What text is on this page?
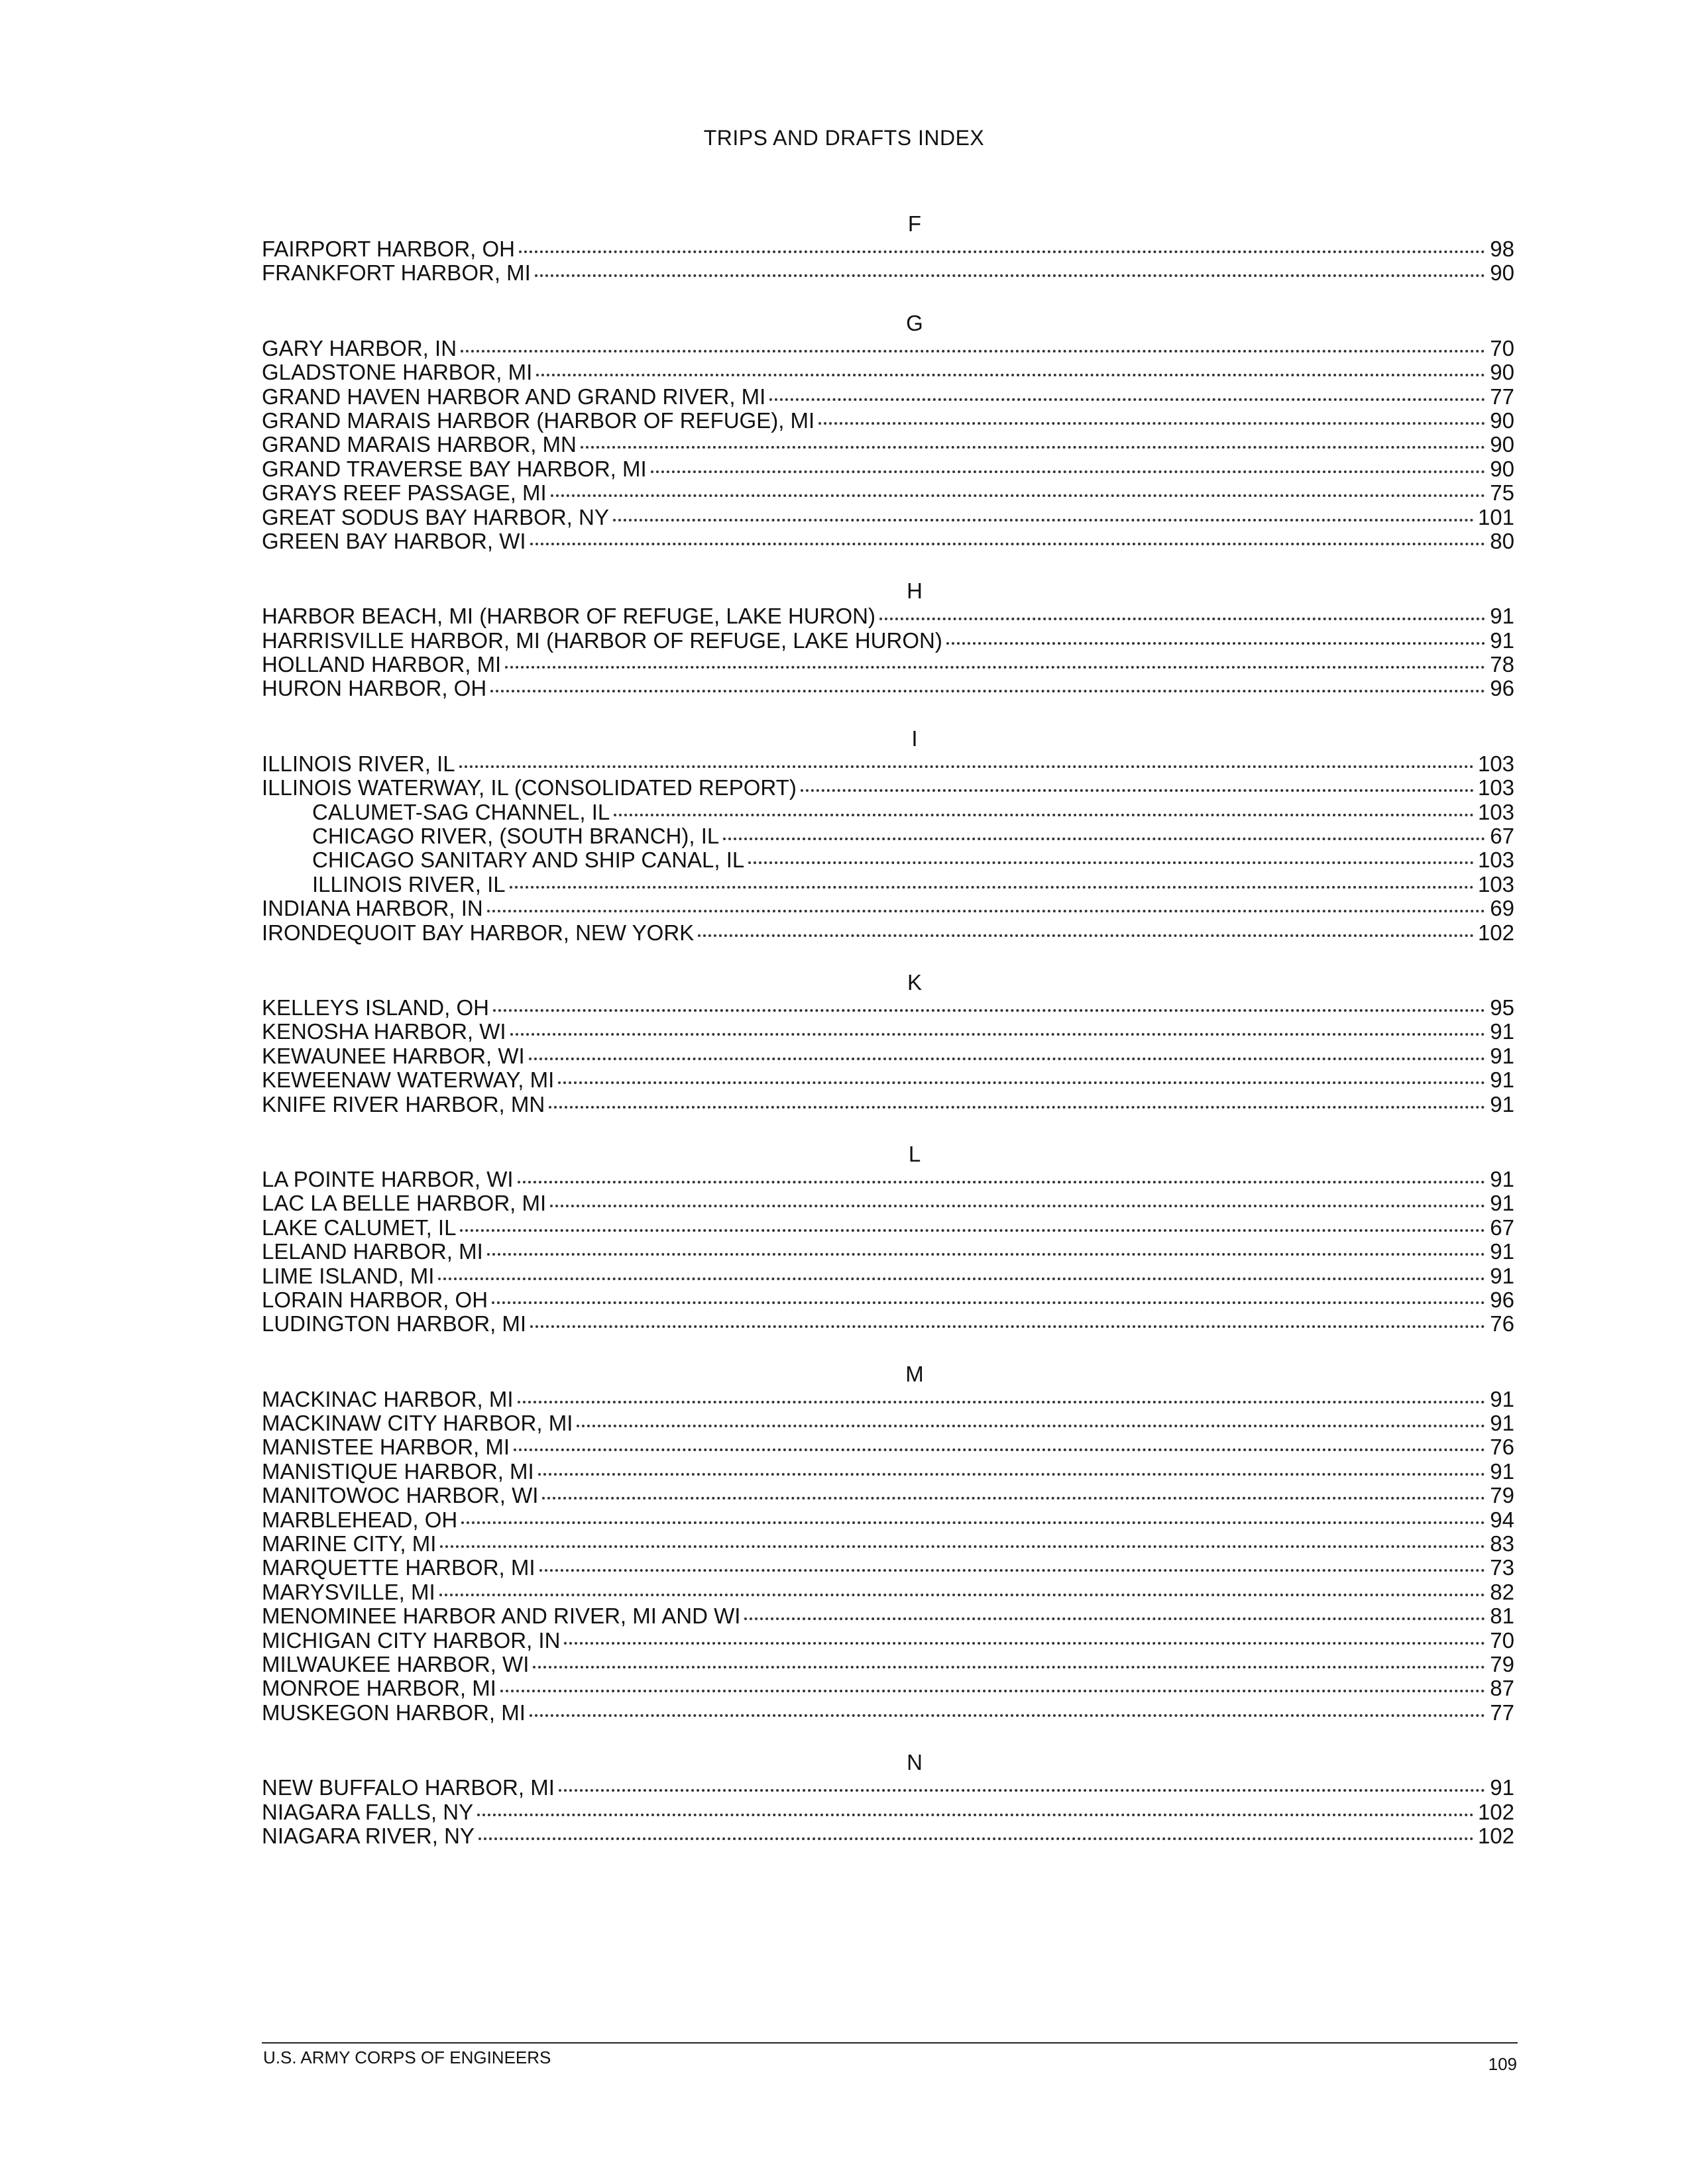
TRIPS AND DRAFTS INDEX
F
FAIRPORT HARBOR, OH	98
FRANKFORT HARBOR, MI	90
G
GARY HARBOR, IN	70
GLADSTONE HARBOR, MI	90
GRAND HAVEN HARBOR AND GRAND RIVER, MI	77
GRAND MARAIS HARBOR (HARBOR OF REFUGE), MI	90
GRAND MARAIS HARBOR, MN	90
GRAND TRAVERSE BAY HARBOR, MI	90
GRAYS REEF PASSAGE, MI	75
GREAT SODUS BAY HARBOR, NY	101
GREEN BAY HARBOR, WI	80
H
HARBOR BEACH, MI (HARBOR OF REFUGE, LAKE HURON)	91
HARRISVILLE HARBOR, MI (HARBOR OF REFUGE, LAKE HURON)	91
HOLLAND HARBOR, MI	78
HURON HARBOR, OH	96
I
ILLINOIS RIVER, IL	103
ILLINOIS WATERWAY, IL (CONSOLIDATED REPORT)	103
CALUMET-SAG CHANNEL, IL	103
CHICAGO RIVER, (SOUTH BRANCH), IL	67
CHICAGO SANITARY AND SHIP CANAL, IL	103
ILLINOIS RIVER, IL	103
INDIANA HARBOR, IN	69
IRONDEQUOIT BAY HARBOR, NEW YORK	102
K
KELLEYS ISLAND, OH	95
KENOSHA HARBOR, WI	91
KEWAUNEE HARBOR, WI	91
KEWEENAW WATERWAY, MI	91
KNIFE RIVER HARBOR, MN	91
L
LA POINTE HARBOR, WI	91
LAC LA BELLE HARBOR, MI	91
LAKE CALUMET, IL	67
LELAND HARBOR, MI	91
LIME ISLAND, MI	91
LORAIN HARBOR, OH	96
LUDINGTON HARBOR, MI	76
M
MACKINAC HARBOR, MI	91
MACKINAW CITY HARBOR, MI	91
MANISTEE HARBOR, MI	76
MANISTIQUE HARBOR, MI	91
MANITOWOC HARBOR, WI	79
MARBLEHEAD, OH	94
MARINE CITY, MI	83
MARQUETTE HARBOR, MI	73
MARYSVILLE, MI	82
MENOMINEE HARBOR AND RIVER, MI AND WI	81
MICHIGAN CITY HARBOR, IN	70
MILWAUKEE HARBOR, WI	79
MONROE HARBOR, MI	87
MUSKEGON HARBOR, MI	77
N
NEW BUFFALO HARBOR, MI	91
NIAGARA FALLS, NY	102
NIAGARA RIVER, NY	102
U.S. ARMY CORPS OF ENGINEERS	109
